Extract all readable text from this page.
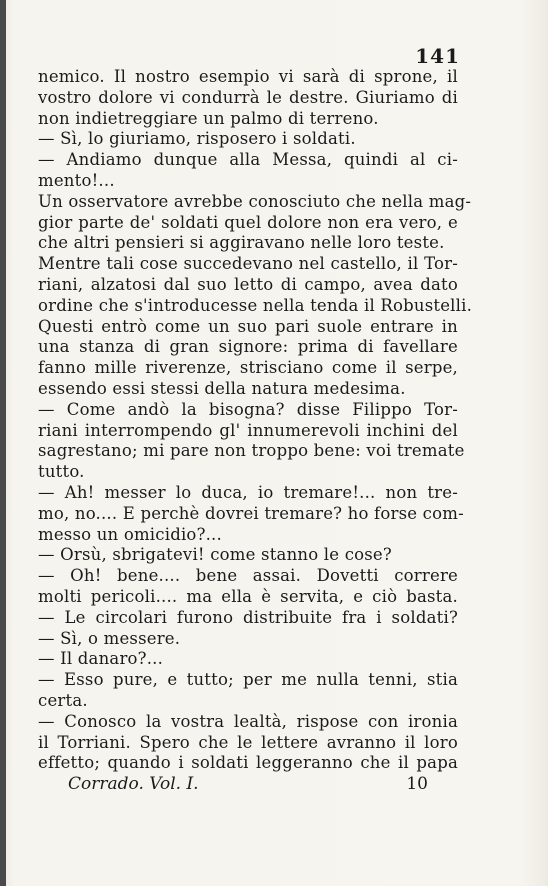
141
nemico. Il nostro esempio vi sarà di sprone, il
vostro dolore vi condurrà le destre. Giuriamo di
non indietreggiare un palmo di terreno.
— Sì, lo giuriamo, risposero i soldati.
— Andiamo dunque alla Messa, quindi al ci-
mento!...
Un osservatore avrebbe conosciuto che nella mag-
gior parte de' soldati quel dolore non era vero, e
che altri pensieri si aggiravano nelle loro teste.
Mentre tali cose succedevano nel castello, il Tor-
riani, alzatosi dal suo letto di campo, avea dato
ordine che s'introducesse nella tenda il Robustelli.
Questi entrò come un suo pari suole entrare in
una stanza di gran signore: prima di favellare
fanno mille riverenze, strisciano come il serpe,
essendo essi stessi della natura medesima.
— Come andò la bisogna? disse Filippo Tor-
riani interrompendo gl' innumerevoli inchini del
sagrestano; mi pare non troppo bene: voi tremate
tutto.
— Ah! messer lo duca, io tremare!... non tre-
mo, no.... E perchè dovrei tremare? ho forse com-
messo un omicidio?...
— Orsù, sbrigatevi! come stanno le cose?
— Oh! bene.... bene assai. Dovetti correre
molti pericoli.... ma ella è servita, e ciò basta.
— Le circolari furono distribuite fra i soldati?
— Sì, o messere.
— Il danaro?...
— Esso pure, e tutto; per me nulla tenni, stia
certa.
— Conosco la vostra lealtà, rispose con ironia
il Torriani. Spero che le lettere avranno il loro
effetto; quando i soldati leggeranno che il papa
Corrado. Vol. I.	10
